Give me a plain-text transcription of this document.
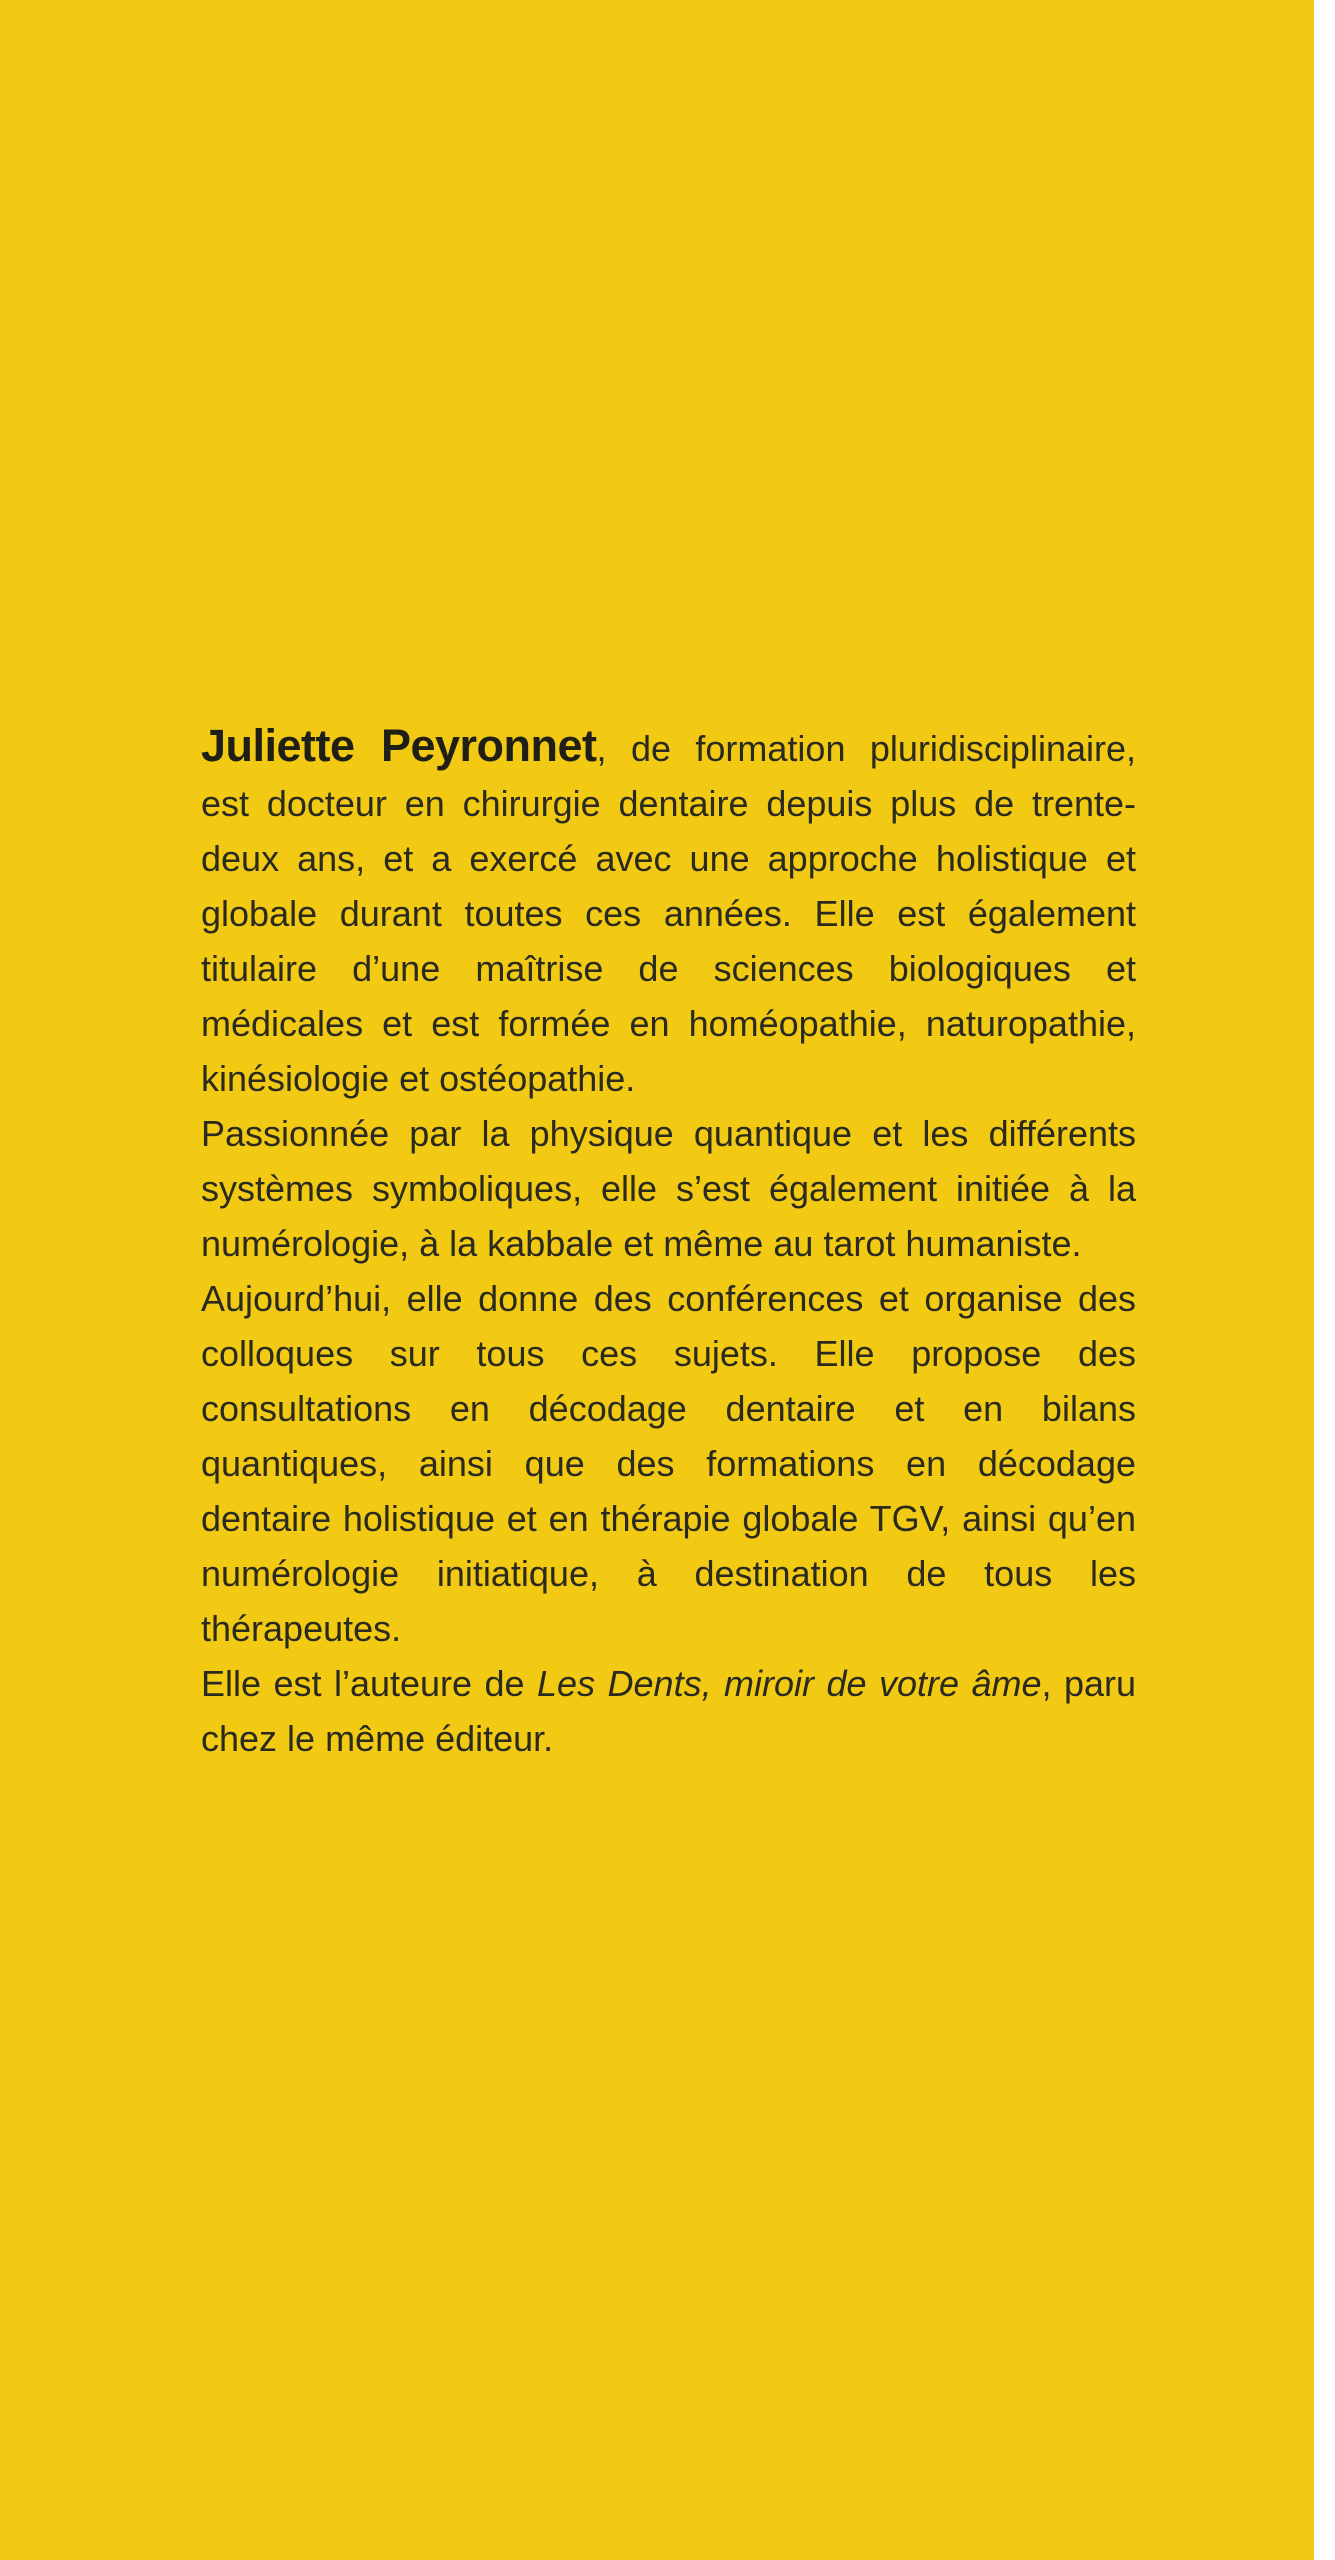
Juliette Peyronnet, de formation pluridisciplinaire, est docteur en chirurgie dentaire depuis plus de trente-deux ans, et a exercé avec une approche holistique et globale durant toutes ces années. Elle est également titulaire d’une maîtrise de sciences biologiques et médicales et est formée en homéopathie, naturopathie, kinésiologie et ostéopathie.

Passionnée par la physique quantique et les différents systèmes symboliques, elle s’est également initiée à la numérologie, à la kabbale et même au tarot humaniste.

Aujourd’hui, elle donne des conférences et organise des colloques sur tous ces sujets. Elle propose des consultations en décodage dentaire et en bilans quantiques, ainsi que des formations en décodage dentaire holistique et en thérapie globale TGV, ainsi qu’en numérologie initiatique, à destination de tous les thérapeutes.

Elle est l’auteure de Les Dents, miroir de votre âme, paru chez le même éditeur.
